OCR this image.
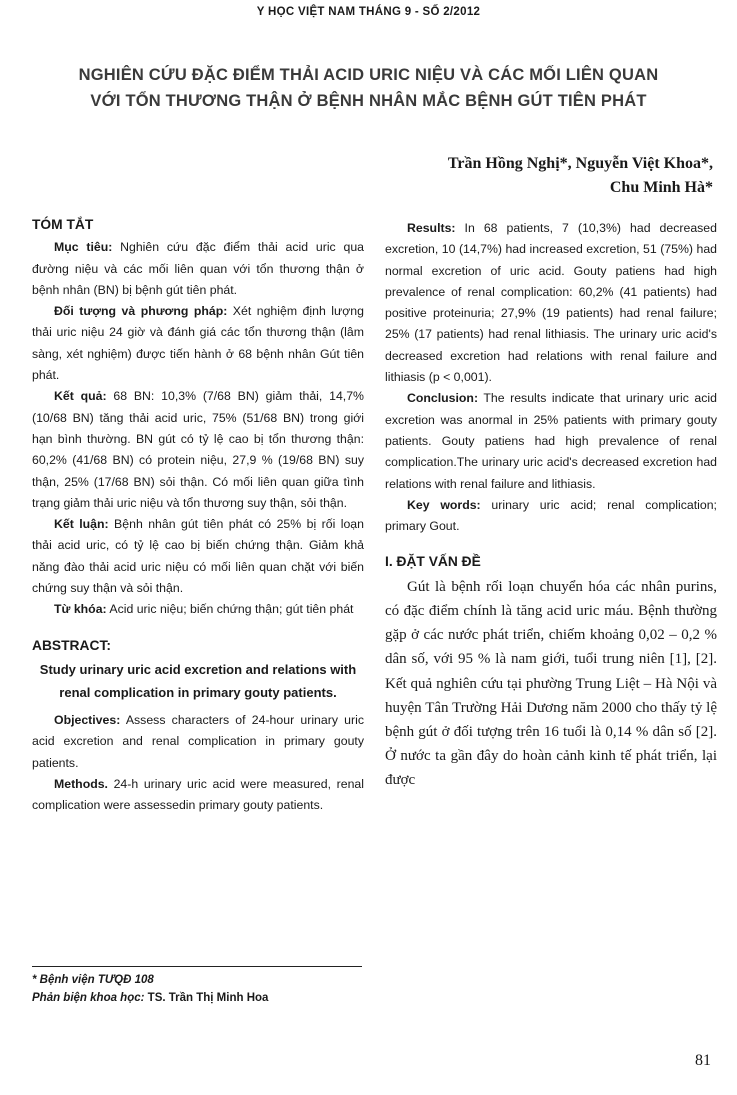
Y HỌC VIỆT NAM THÁNG 9 - SỐ 2/2012
NGHIÊN CỨU ĐẶC ĐIỂM THẢI ACID URIC NIỆU VÀ CÁC MỐI LIÊN QUAN
VỚI TỔN THƯƠNG THẬN Ở BỆNH NHÂN MẮC BỆNH GÚT TIÊN PHÁT
Trần Hồng Nghị*, Nguyễn Việt Khoa*,
Chu Minh Hà*
TÓM TẮT

Mục tiêu: Nghiên cứu đặc điểm thải acid uric qua đường niệu và các mối liên quan với tổn thương thận ở bệnh nhân (BN) bị bệnh gút tiên phát.

Đối tượng và phương pháp: Xét nghiệm định lượng thải uric niệu 24 giờ và đánh giá các tổn thương thận (lâm sàng, xét nghiệm) được tiến hành ở 68 bệnh nhân Gút tiên phát.

Kết quả: 68 BN: 10,3% (7/68 BN) giảm thải, 14,7% (10/68 BN) tăng thải acid uric, 75% (51/68 BN) trong giới hạn bình thường. BN gút có tỷ lệ cao bị tổn thương thận: 60,2% (41/68 BN) có protein niệu, 27,9 % (19/68 BN) suy thận, 25% (17/68 BN) sỏi thận. Có mối liên quan giữa tình trạng giảm thải uric niệu và tổn thương suy thận, sỏi thận.

Kết luận: Bệnh nhân gút tiên phát có 25% bị rối loạn thải acid uric, có tỷ lệ cao bị biến chứng thận. Giảm khả năng đào thải acid uric niệu có mối liên quan chặt với biến chứng suy thận và sỏi thận.

Từ khóa: Acid uric niệu; biến chứng thận; gút tiên phát

ABSTRACT:
Study urinary uric acid excretion and relations with renal complication in primary gouty patients.

Objectives: Assess characters of 24-hour urinary uric acid excretion and renal complication in primary gouty patients.

Methods. 24-h urinary uric acid were measured, renal complication were assessedin primary gouty patients.

Results: In 68 patients, 7 (10,3%) had decreased excretion, 10 (14,7%) had increased excretion, 51 (75%) had normal excretion of uric acid. Gouty patiens had high prevalence of renal complication: 60,2% (41 patients) had positive proteinuria; 27,9% (19 patients) had renal failure; 25% (17 patients) had renal lithiasis. The urinary uric acid's decreased excretion had relations with renal failure and lithiasis (p < 0,001).

Conclusion: The results indicate that urinary uric acid excretion was anormal in 25% patients with primary gouty patients. Gouty patiens had high prevalence of renal complication.The urinary uric acid's decreased excretion had relations with renal failure and lithiasis.

Key words: urinary uric acid; renal complication; primary Gout.

I. ĐẶT VẤN ĐỀ

Gút là bệnh rối loạn chuyển hóa các nhân purins, có đặc điểm chính là tăng acid uric máu. Bệnh thường gặp ở các nước phát triển, chiếm khoảng 0,02 – 0,2 % dân số, với 95 % là nam giới, tuổi trung niên [1], [2]. Kết quả nghiên cứu tại phường Trung Liệt – Hà Nội và huyện Tân Trường Hải Dương năm 2000 cho thấy tỷ lệ bệnh gút ở đối tượng trên 16 tuổi là 0,14 % dân số [2]. Ở nước ta gần đây do hoàn cảnh kinh tế phát triển, lại được

* Bệnh viện TƯQĐ 108
Phản biện khoa học: TS. Trần Thị Minh Hoa
81
